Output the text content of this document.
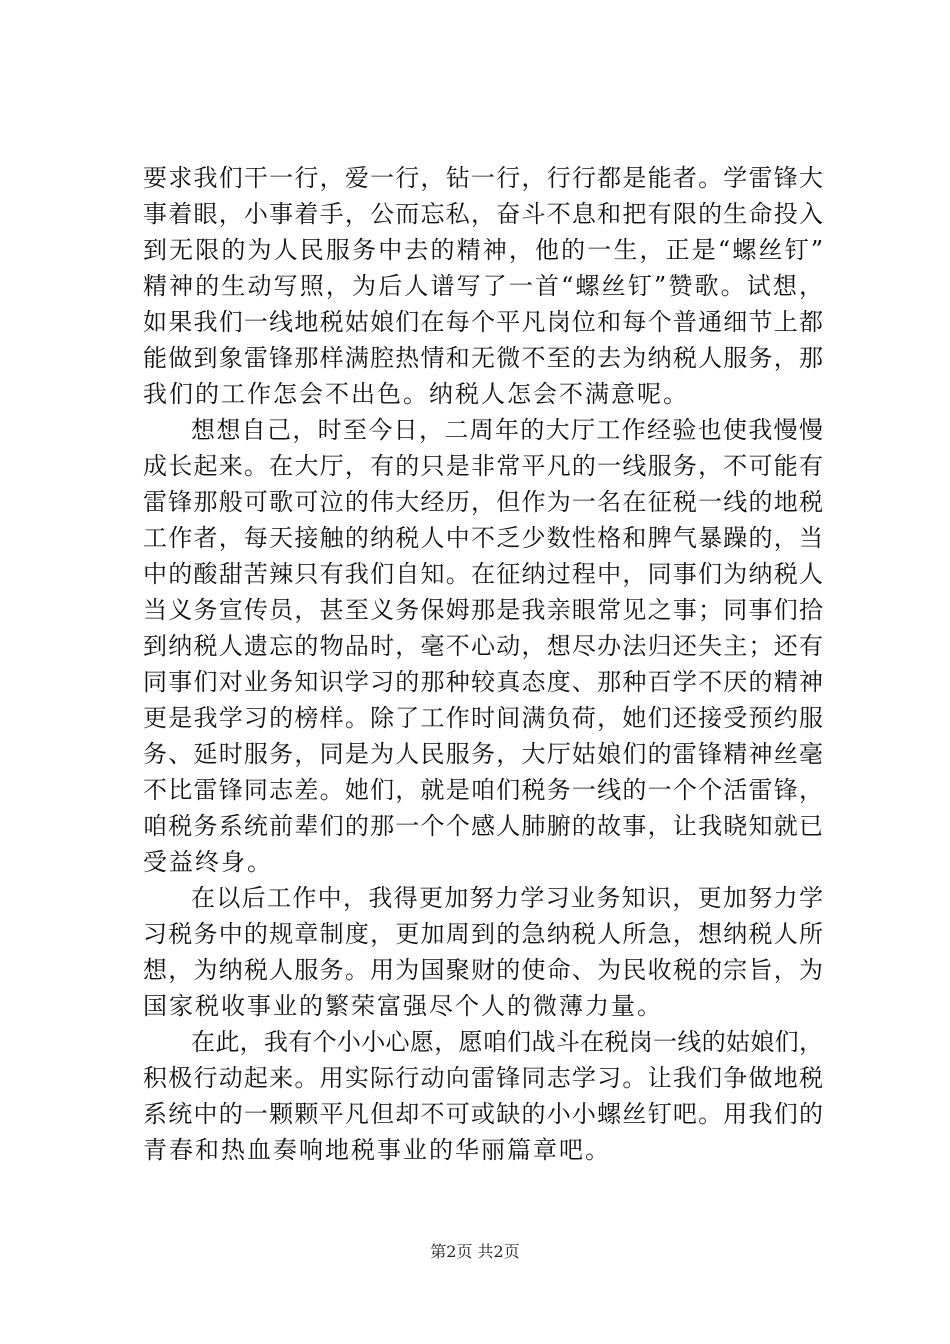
要求我们干一行，爱一行，钻一行，行行都是能者。学雷锋大
事着眼，小事着手，公而忘私，奋斗不息和把有限的生命投入
到无限的为人民服务中去的精神，他的一生，正是“螺丝钉”
精神的生动写照，为后人谱写了一首“螺丝钉”赞歌。试想，
如果我们一线地税姑娘们在每个平凡岗位和每个普通细节上都
能做到象雷锋那样满腔热情和无微不至的去为纳税人服务，那
我们的工作怎会不出色。纳税人怎会不满意呢。
想想自己，时至今日，二周年的大厅工作经验也使我慢慢
成长起来。在大厅，有的只是非常平凡的一线服务，不可能有
雷锋那般可歌可泣的伟大经历，但作为一名在征税一线的地税
工作者，每天接触的纳税人中不乏少数性格和脾气暴躁的，当
中的酸甜苦辣只有我们自知。在征纳过程中，同事们为纳税人
当义务宣传员，甚至义务保姆那是我亲眼常见之事；同事们拾
到纳税人遗忘的物品时，毫不心动，想尽办法归还失主；还有
同事们对业务知识学习的那种较真态度、那种百学不厌的精神
更是我学习的榜样。除了工作时间满负荷，她们还接受预约服
务、延时服务，同是为人民服务，大厅姑娘们的雷锋精神丝毫
不比雷锋同志差。她们，就是咱们税务一线的一个个活雷锋，
咱税务系统前辈们的那一个个感人肺腑的故事，让我晓知就已
受益终身。
在以后工作中，我得更加努力学习业务知识，更加努力学
习税务中的规章制度，更加周到的急纳税人所急，想纳税人所
想，为纳税人服务。用为国聚财的使命、为民收税的宗旨，为
国家税收事业的繁荣富强尽个人的微薄力量。
在此，我有个小小心愿，愿咱们战斗在税岗一线的姑娘们，
积极行动起来。用实际行动向雷锋同志学习。让我们争做地税
系统中的一颗颗平凡但却不可或缺的小小螺丝钉吧。用我们的
青春和热血奏响地税事业的华丽篇章吧。
第2页 共2页
